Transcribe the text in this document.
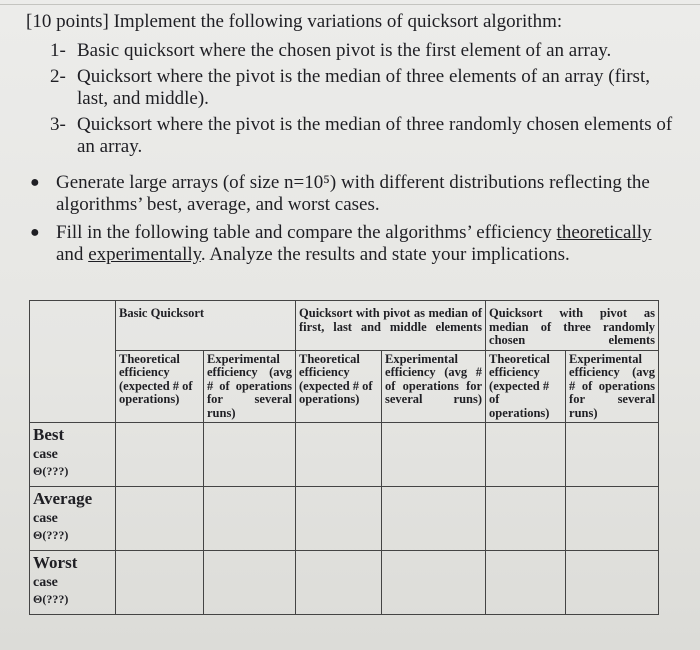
[10 points] Implement the following variations of quicksort algorithm:
1- Basic quicksort where the chosen pivot is the first element of an array.
2- Quicksort where the pivot is the median of three elements of an array (first, last, and middle).
3- Quicksort where the pivot is the median of three randomly chosen elements of an array.
● Generate large arrays (of size n=10⁵) with different distributions reflecting the algorithms’ best, average, and worst cases.
● Fill in the following table and compare the algorithms’ efficiency theoretically and experimentally. Analyze the results and state your implications.
	Basic Quicksort		Quicksort with pivot as median of first, last and middle elements		Quicksort with pivot as median of three randomly chosen elements	
	Theoretical efficiency (expected # of operations)	Experimental efficiency (avg # of operations for several runs)	Theoretical efficiency (expected # of operations)	Experimental efficiency (avg # of operations for several runs)	Theoretical efficiency (expected # of operations)	Experimental efficiency (avg # of operations for several runs)

Best
case
Θ(???)						

Average
case
Θ(???)						

Worst
case
Θ(???)						
